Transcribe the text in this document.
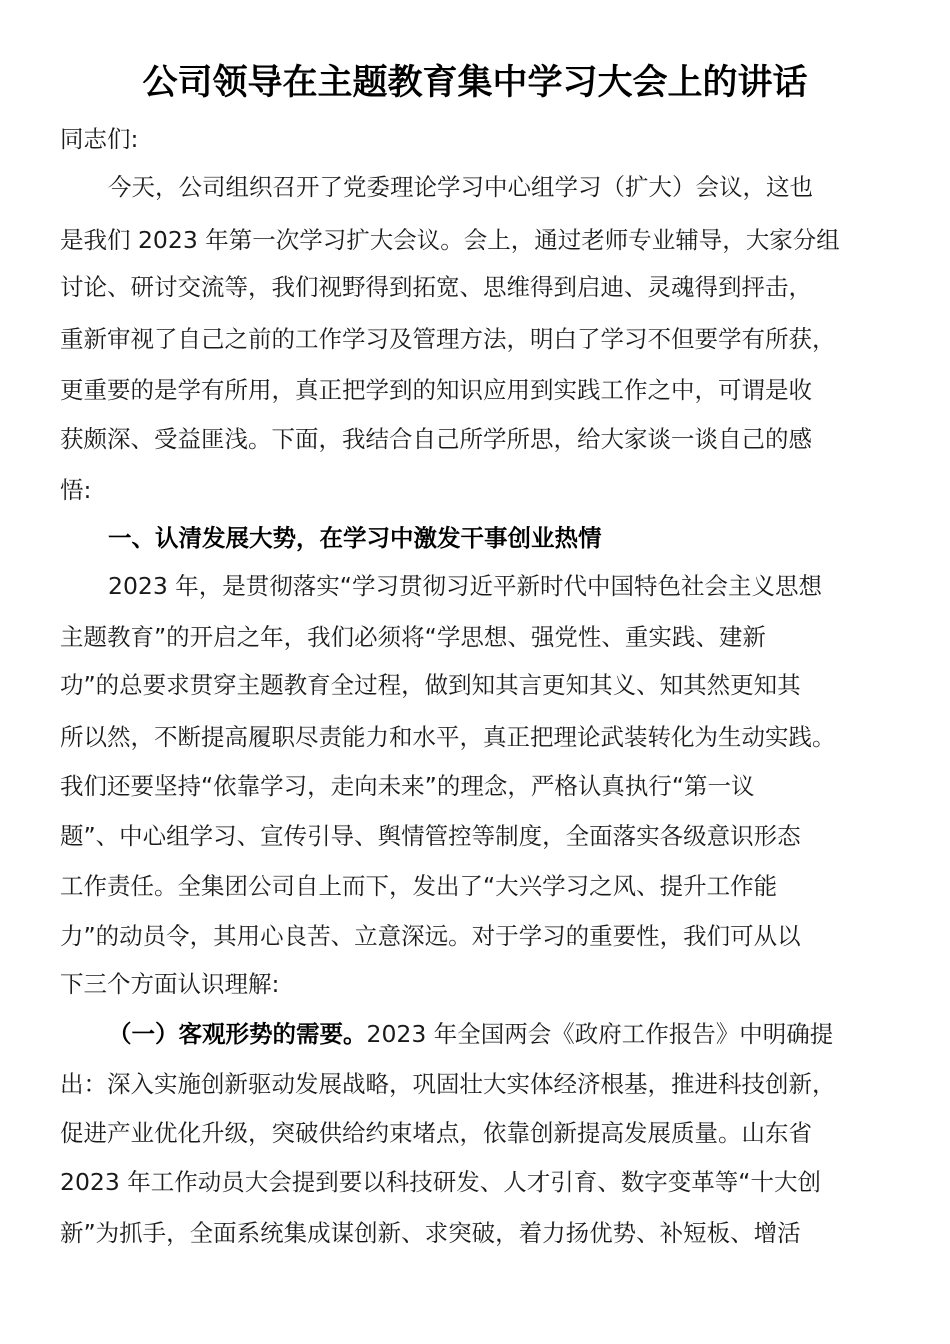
公司领导在主题教育集中学习大会上的讲话
同志们:
今天，公司组织召开了党委理论学习中心组学习（扩大）会议，这也
是我们 2023 年第一次学习扩大会议。会上，通过老师专业辅导，大家分组
讨论、研讨交流等，我们视野得到拓宽、思维得到启迪、灵魂得到抨击，
重新审视了自己之前的工作学习及管理方法，明白了学习不但要学有所获，
更重要的是学有所用，真正把学到的知识应用到实践工作之中，可谓是收
获颇深、受益匪浅。下面，我结合自己所学所思，给大家谈一谈自己的感
悟:
一、认清发展大势，在学习中激发干事创业热情
2023 年，是贯彻落实“学习贯彻习近平新时代中国特色社会主义思想
主题教育”的开启之年，我们必须将“学思想、强党性、重实践、建新
功”的总要求贯穿主题教育全过程，做到知其言更知其义、知其然更知其
所以然，不断提高履职尽责能力和水平，真正把理论武装转化为生动实践。
我们还要坚持“依靠学习，走向未来”的理念，严格认真执行“第一议
题”、中心组学习、宣传引导、舆情管控等制度，全面落实各级意识形态
工作责任。全集团公司自上而下，发出了“大兴学习之风、提升工作能
力”的动员令，其用心良苦、立意深远。对于学习的重要性，我们可从以
下三个方面认识理解:
（一）客观形势的需要。2023 年全国两会《政府工作报告》中明确提
出：深入实施创新驱动发展战略，巩固壮大实体经济根基，推进科技创新，
促进产业优化升级，突破供给约束堵点，依靠创新提高发展质量。山东省
2023 年工作动员大会提到要以科技研发、人才引育、数字变革等“十大创
新”为抓手，全面系统集成谋创新、求突破，着力扬优势、补短板、增活
